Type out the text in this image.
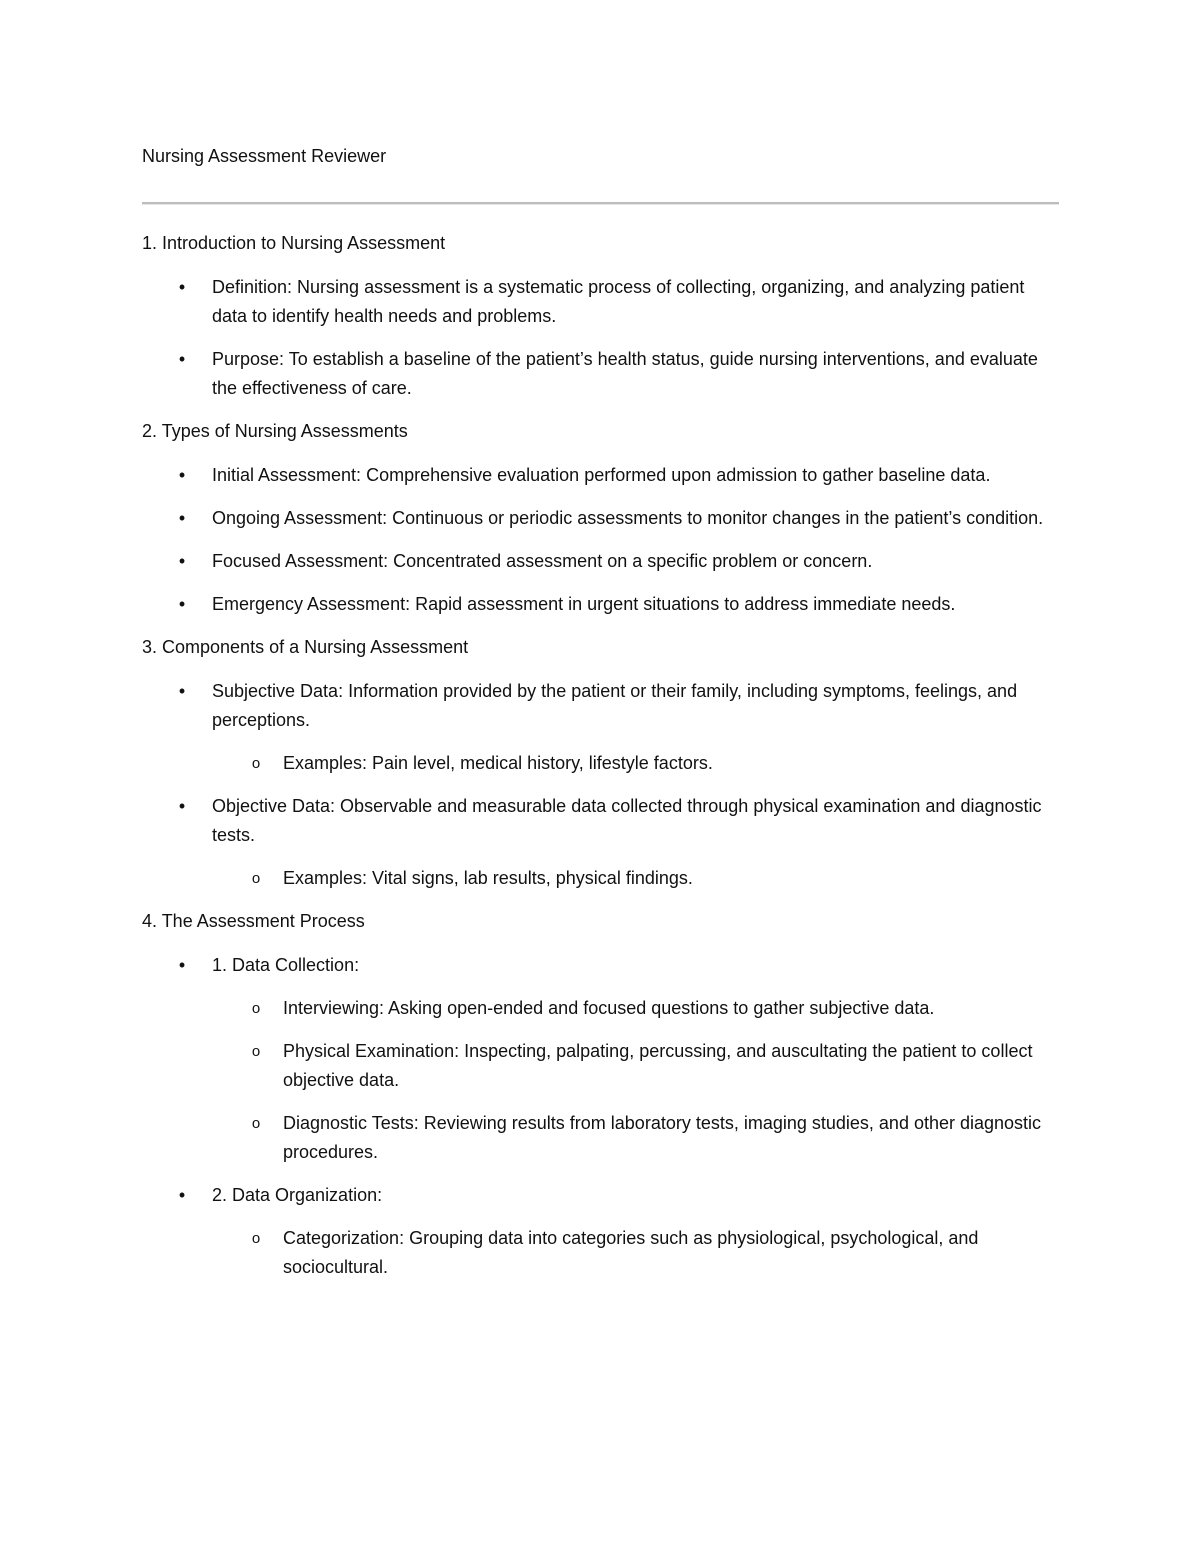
Nursing Assessment Reviewer
1. Introduction to Nursing Assessment
•	Definition: Nursing assessment is a systematic process of collecting, organizing, and analyzing patient data to identify health needs and problems.
•	Purpose: To establish a baseline of the patient’s health status, guide nursing interventions, and evaluate the effectiveness of care.
2. Types of Nursing Assessments
•	Initial Assessment: Comprehensive evaluation performed upon admission to gather baseline data.
•	Ongoing Assessment: Continuous or periodic assessments to monitor changes in the patient’s condition.
•	Focused Assessment: Concentrated assessment on a specific problem or concern.
•	Emergency Assessment: Rapid assessment in urgent situations to address immediate needs.
3. Components of a Nursing Assessment
•	Subjective Data: Information provided by the patient or their family, including symptoms, feelings, and perceptions.
o	Examples: Pain level, medical history, lifestyle factors.
•	Objective Data: Observable and measurable data collected through physical examination and diagnostic tests.
o	Examples: Vital signs, lab results, physical findings.
4. The Assessment Process
•	1. Data Collection:
o	Interviewing: Asking open-ended and focused questions to gather subjective data.
o	Physical Examination: Inspecting, palpating, percussing, and auscultating the patient to collect objective data.
o	Diagnostic Tests: Reviewing results from laboratory tests, imaging studies, and other diagnostic procedures.
•	2. Data Organization:
o	Categorization: Grouping data into categories such as physiological, psychological, and sociocultural.
